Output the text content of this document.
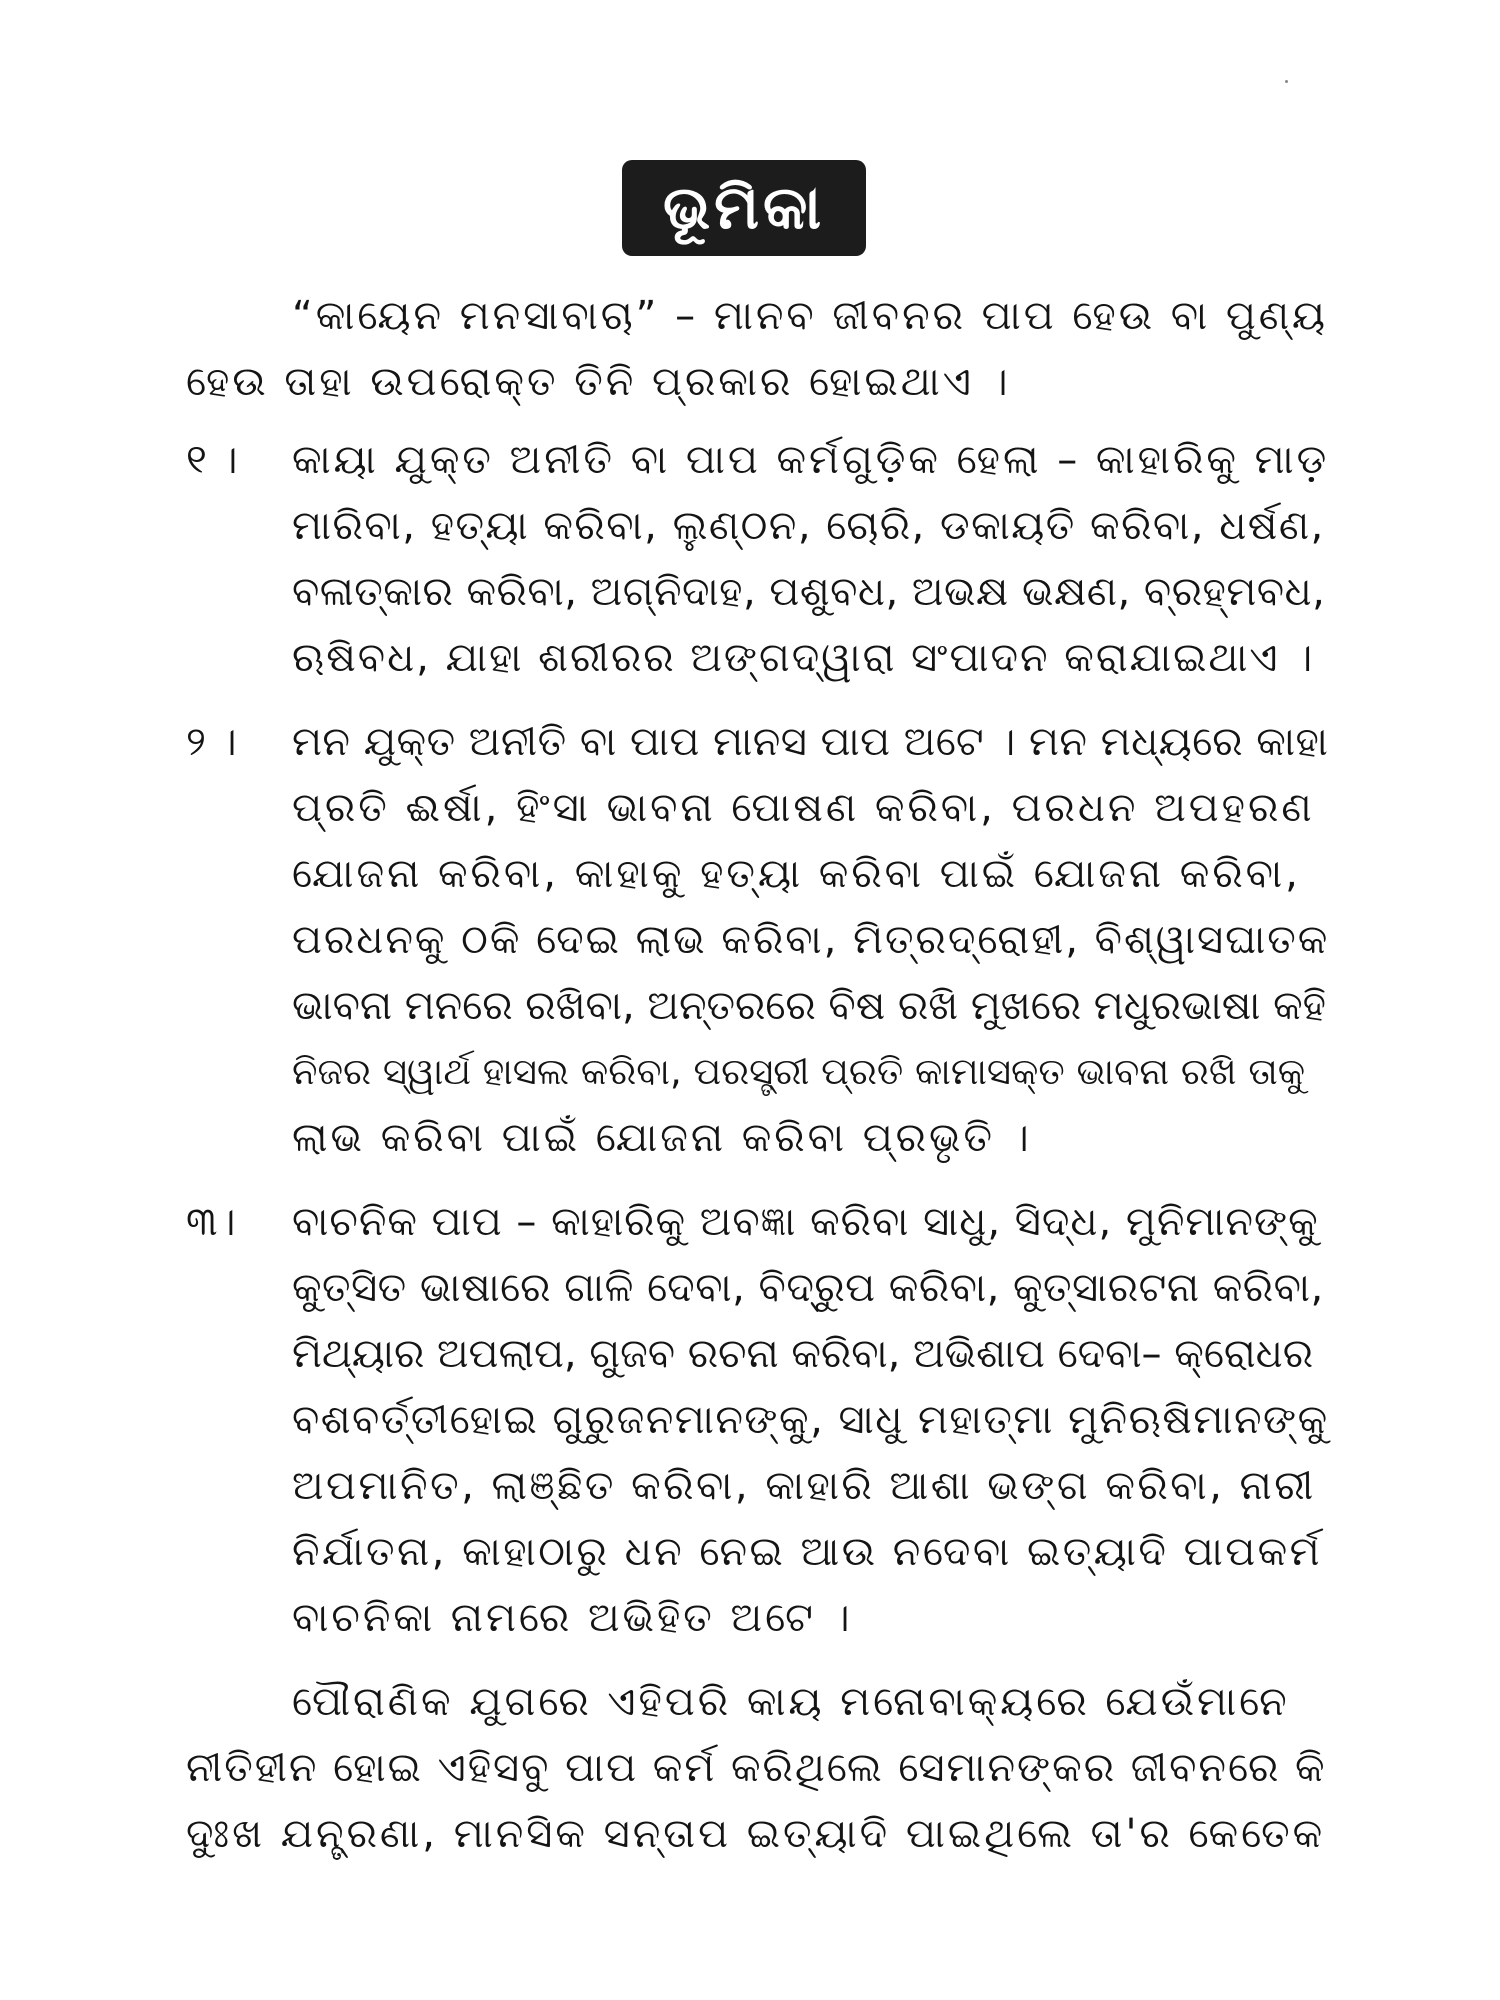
ଭୂମିକା
“କାୟେନ ମନସାବାଚା” – ମାନବ ଜୀବନର ପାପ ହେଉ ବା ପୁଣ୍ୟ
ହେଉ ତାହା ଉପରୋକ୍ତ ତିନି ପ୍ରକାର ହୋଇଥାଏ ।
୧ । କାୟା ଯୁକ୍ତ ଅନୀତି ବା ପାପ କର୍ମଗୁଡ଼ିକ ହେଲା – କାହାରିକୁ ମାଡ଼
ମାରିବା, ହତ୍ୟା କରିବା, ଲୁଣ୍ଠନ, ଚୋରି, ଡକାୟତି କରିବା, ଧର୍ଷଣ,
ବଳାତ୍କାର କରିବା, ଅଗ୍ନିଦାହ, ପଶୁବଧ, ଅଭକ୍ଷ ଭକ୍ଷଣ, ବ୍ରହ୍ମବଧ,
ଋଷିବଧ, ଯାହା ଶରୀରର ଅଙ୍ଗଦ୍ୱାରା ସଂପାଦନ କରାଯାଇଥାଏ ।
୨ । ମନ ଯୁକ୍ତ ଅନୀତି ବା ପାପ ମାନସ ପାପ ଅଟେ । ମନ ମଧ୍ୟରେ କାହା
ପ୍ରତି ଈର୍ଷା, ହିଂସା ଭାବନା ପୋଷଣ କରିବା, ପରଧନ ଅପହରଣ
ଯୋଜନା କରିବା, କାହାକୁ ହତ୍ୟା କରିବା ପାଇଁ ଯୋଜନା କରିବା,
ପରଧନକୁ ଠକି ଦେଇ ଲାଭ କରିବା, ମିତ୍ରଦ୍ରୋହୀ, ବିଶ୍ୱାସଘାତକ
ଭାବନା ମନରେ ରଖିବା, ଅନ୍ତରରେ ବିଷ ରଖି ମୁଖରେ ମଧୁରଭାଷା କହି
ନିଜର ସ୍ୱାର୍ଥ ହାସଲ କରିବା, ପରସ୍ତ୍ରୀ ପ୍ରତି କାମାସକ୍ତ ଭାବନା ରଖି ତାକୁ
ଲାଭ କରିବା ପାଇଁ ଯୋଜନା କରିବା ପ୍ରଭୃତି ।
୩। ବାଚନିକ ପାପ – କାହାରିକୁ ଅବଜ୍ଞା କରିବା ସାଧୁ, ସିଦ୍ଧ, ମୁନିମାନଙ୍କୁ
କୁତ୍ସିତ ଭାଷାରେ ଗାଳି ଦେବା, ବିଦ୍ରୁପ କରିବା, କୁତ୍ସାରଟନା କରିବା,
ମିଥ୍ୟାର ଅପଲାପ, ଗୁଜବ ରଚନା କରିବା, ଅଭିଶାପ ଦେବା– କ୍ରୋଧର
ବଶବର୍ତ୍ତୀହୋଇ ଗୁରୁଜନମାନଙ୍କୁ, ସାଧୁ ମହାତ୍ମା ମୁନିଋଷିମାନଙ୍କୁ
ଅପମାନିତ, ଲାଞ୍ଛିତ କରିବା, କାହାରି ଆଶା ଭଙ୍ଗ କରିବା, ନାରୀ
ନିର୍ଯାତନା, କାହାଠାରୁ ଧନ ନେଇ ଆଉ ନଦେବା ଇତ୍ୟାଦି ପାପକର୍ମ
ବାଚନିକା ନାମରେ ଅଭିହିତ ଅଟେ ।
ପୌରାଣିକ ଯୁଗରେ ଏହିପରି କାୟ ମନୋବାକ୍ୟରେ ଯେଉଁମାନେ
ନୀତିହୀନ ହୋଇ ଏହିସବୁ ପାପ କର୍ମ କରିଥିଲେ ସେମାନଙ୍କର ଜୀବନରେ କି
ଦୁଃଖ ଯନ୍ତ୍ରଣା, ମାନସିକ ସନ୍ତାପ ଇତ୍ୟାଦି ପାଇଥିଲେ ତା'ର କେତେକ
